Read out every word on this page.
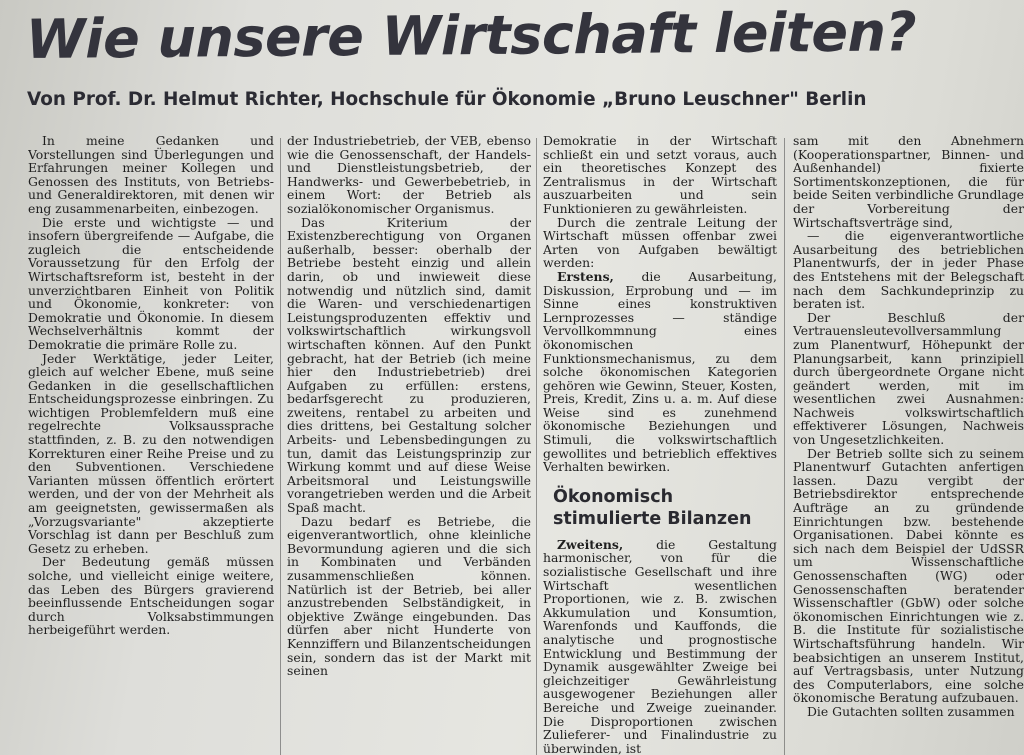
Wie unsere Wirtschaft leiten?

Von Prof. Dr. Helmut Richter, Hochschule für Ökonomie „Bruno Leuschner" Berlin

In meine Gedanken und Vorstellungen sind Überlegungen und Erfahrungen meiner Kollegen und Genossen des Instituts, von Betriebs- und Generaldirektoren, mit denen wir eng zusammenarbeiten, einbezogen.

Die erste und wichtigste — und insofern übergreifende — Aufgabe, die zugleich die entscheidende Voraussetzung für den Erfolg der Wirtschaftsreform ist, besteht in der unverzichtbaren Einheit von Politik und Ökonomie, konkreter: von Demokratie und Ökonomie. In diesem Wechselverhältnis kommt der Demokratie die primäre Rolle zu.

Jeder Werktätige, jeder Leiter, gleich auf welcher Ebene, muß seine Gedanken in die gesellschaftlichen Entscheidungsprozesse einbringen. Zu wichtigen Problemfeldern muß eine regelrechte Volksaussprache stattfinden, z. B. zu den notwendigen Korrekturen einer Reihe Preise und zu den Subventionen. Verschiedene Varianten müssen öffentlich erörtert werden, und der von der Mehrheit als am geeignetsten, gewissermaßen als „Vorzugsvariante" akzeptierte Vorschlag ist dann per Beschluß zum Gesetz zu erheben.

Der Bedeutung gemäß müssen solche, und vielleicht einige weitere, das Leben des Bürgers gravierend beeinflussende Entscheidungen sogar durch Volksabstimmungen herbeigeführt werden.

der Industriebetrieb, der VEB, ebenso wie die Genossenschaft, der Handels- und Dienstleistungsbetrieb, der Handwerks- und Gewerbebetrieb, in einem Wort: der Betrieb als sozialökonomischer Organismus.

Das Kriterium der Existenzberechtigung von Organen außerhalb, besser: oberhalb der Betriebe besteht einzig und allein darin, ob und inwieweit diese notwendig und nützlich sind, damit die Waren- und verschiedenartigen Leistungsproduzenten effektiv und volkswirtschaftlich wirkungsvoll wirtschaften können. Auf den Punkt gebracht, hat der Betrieb (ich meine hier den Industriebetrieb) drei Aufgaben zu erfüllen: erstens, bedarfsgerecht zu produzieren, zweitens, rentabel zu arbeiten und dies drittens, bei Gestaltung solcher Arbeits- und Lebensbedingungen zu tun, damit das Leistungsprinzip zur Wirkung kommt und auf diese Weise Arbeitsmoral und Leistungswille vorangetrieben werden und die Arbeit Spaß macht.

Dazu bedarf es Betriebe, die eigenverantwortlich, ohne kleinliche Bevormundung agieren und die sich in Kombinaten und Verbänden zusammenschließen können. Natürlich ist der Betrieb, bei aller anzustrebenden Selbständigkeit, in objektive Zwänge eingebunden. Das dürfen aber nicht Hunderte von Kennziffern und Bilanzentscheidungen sein, sondern das ist der Markt mit seinen

Demokratie in der Wirtschaft schließt ein und setzt voraus, auch ein theoretisches Konzept des Zentralismus in der Wirtschaft auszuarbeiten und sein Funktionieren zu gewährleisten.

Durch die zentrale Leitung der Wirtschaft müssen offenbar zwei Arten von Aufgaben bewältigt werden:

Erstens, die Ausarbeitung, Diskussion, Erprobung und — im Sinne eines konstruktiven Lernprozesses — ständige Vervollkommnung eines ökonomischen Funktionsmechanismus, zu dem solche ökonomischen Kategorien gehören wie Gewinn, Steuer, Kosten, Preis, Kredit, Zins u. a. m. Auf diese Weise sind es zunehmend ökonomische Beziehungen und Stimuli, die volkswirtschaftlich gewollites und betrieblich effektives Verhalten bewirken.

Ökonomisch
stimulierte Bilanzen

Zweitens, die Gestaltung harmonischer, von für die sozialistische Gesellschaft und ihre Wirtschaft wesentlichen Proportionen, wie z. B. zwischen Akkumulation und Konsumtion, Warenfonds und Kauffonds, die analytische und prognostische Entwicklung und Bestimmung der Dynamik ausgewählter Zweige bei gleichzeitiger Gewährleistung ausgewogener Beziehungen aller Bereiche und Zweige zueinander. Die Disproportionen zwischen Zulieferer- und Finalindustrie zu überwinden, ist

sam mit den Abnehmern (Kooperationspartner, Binnen- und Außenhandel) fixierte Sortimentskonzeptionen, die für beide Seiten verbindliche Grundlage der Vorbereitung der Wirtschaftsverträge sind,

— die eigenverantwortliche Ausarbeitung des betrieblichen Planentwurfs, der in jeder Phase des Entstehens mit der Belegschaft nach dem Sachkundeprinzip zu beraten ist.

Der Beschluß der Vertrauensleutevollversammlung zum Planentwurf, Höhepunkt der Planungsarbeit, kann prinzipiell durch übergeordnete Organe nicht geändert werden, mit im wesentlichen zwei Ausnahmen: Nachweis volkswirtschaftlich effektiverer Lösungen, Nachweis von Ungesetzlichkeiten.

Der Betrieb sollte sich zu seinem Planentwurf Gutachten anfertigen lassen. Dazu vergibt der Betriebsdirektor entsprechende Aufträge an zu gründende Einrichtungen bzw. bestehende Organisationen. Dabei könnte es sich nach dem Beispiel der UdSSR um Wissenschaftliche Genossenschaften (WG) oder Genossenschaften beratender Wissenschaftler (GbW) oder solche ökonomischen Einrichtungen wie z. B. die Institute für sozialistische Wirtschaftsführung handeln. Wir beabsichtigen an unserem Institut, auf Vertragsbasis, unter Nutzung des Computerlabors, eine solche ökonomische Beratung aufzubauen.

Die Gutachten sollten zusammen
